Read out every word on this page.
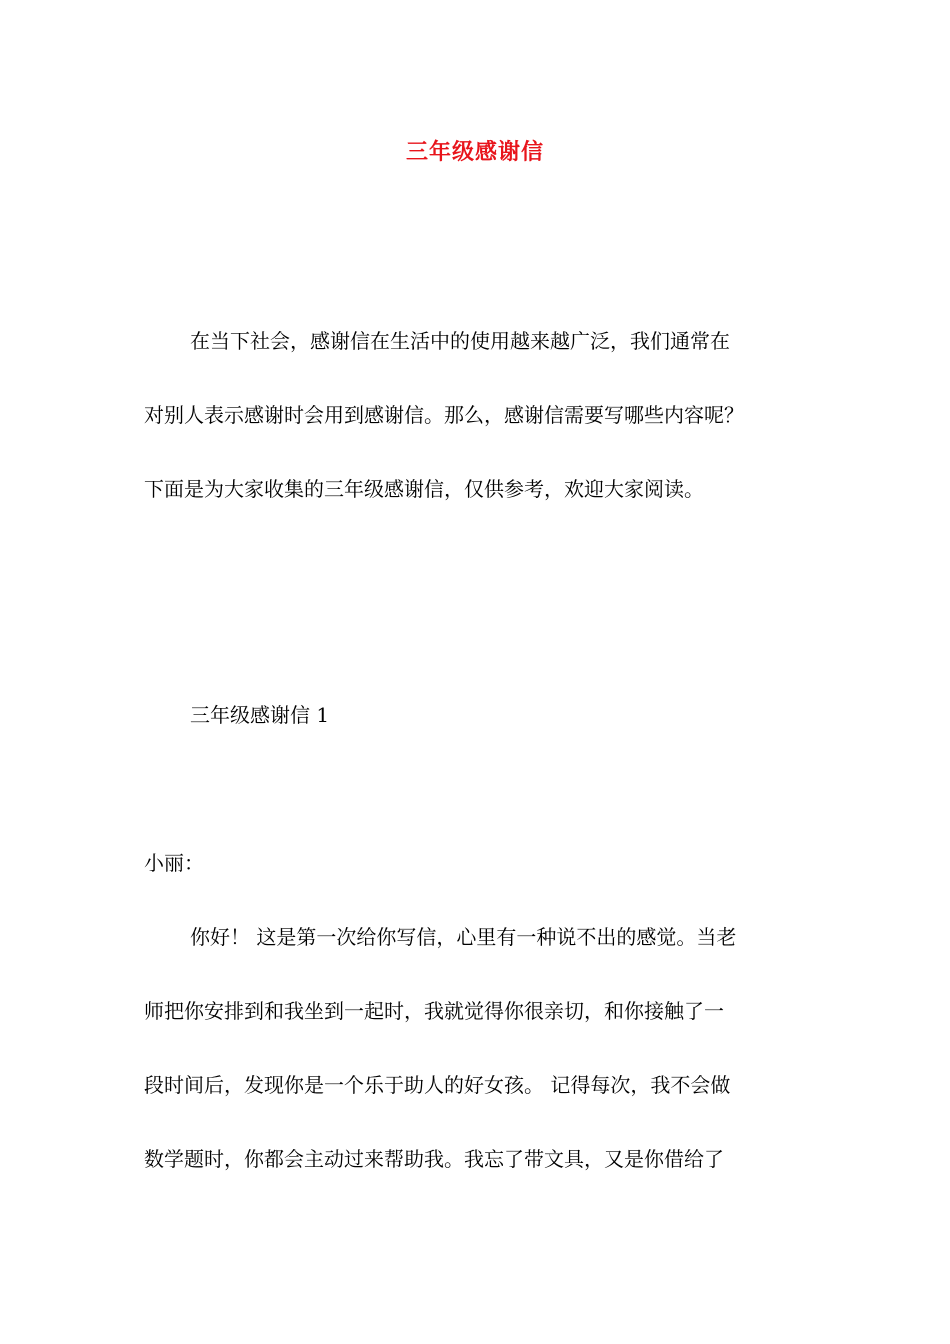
三年级感谢信
在当下社会，感谢信在生活中的使用越来越广泛，我们通常在
对别人表示感谢时会用到感谢信。那么，感谢信需要写哪些内容呢？
下面是为大家收集的三年级感谢信，仅供参考，欢迎大家阅读。
三年级感谢信 1
小丽：
你好！ 这是第一次给你写信，心里有一种说不出的感觉。当老
师把你安排到和我坐到一起时，我就觉得你很亲切，和你接触了一
段时间后，发现你是一个乐于助人的好女孩。 记得每次，我不会做
数学题时，你都会主动过来帮助我。我忘了带文具，又是你借给了
